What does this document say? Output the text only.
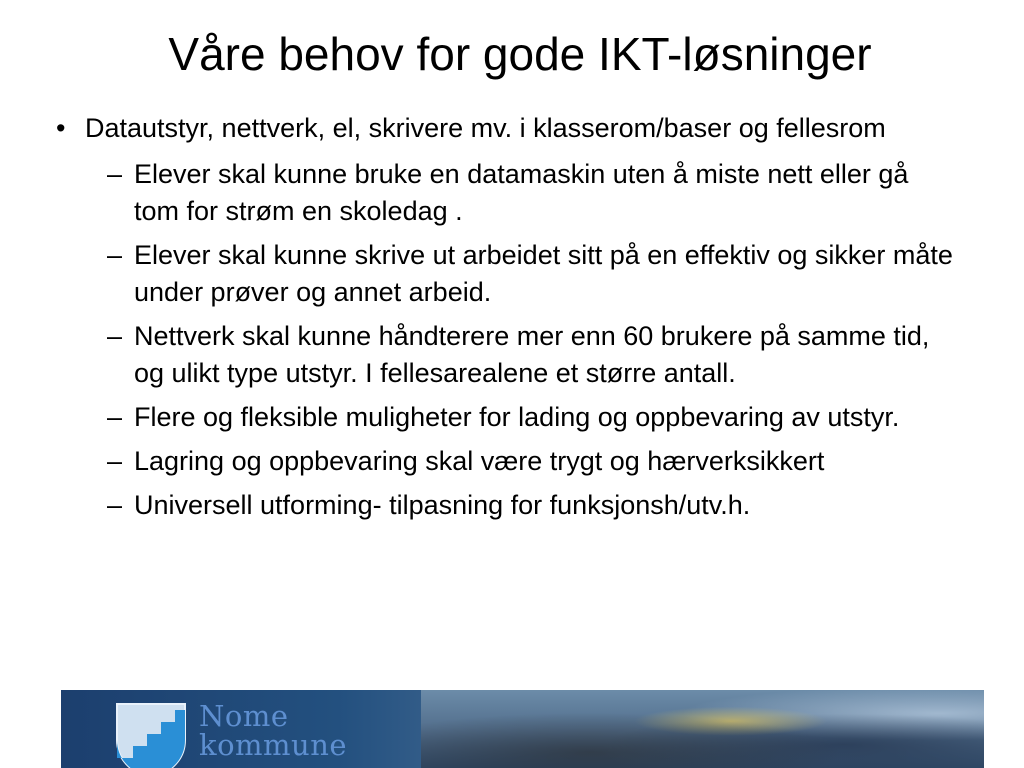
Våre behov for gode IKT-løsninger
• Datautstyr, nettverk, el, skrivere mv. i klasserom/baser og fellesrom
– Elever skal kunne bruke en datamaskin uten å miste nett eller gå tom for strøm en skoledag .
– Elever skal kunne skrive ut arbeidet sitt på en effektiv og sikker måte under prøver og annet arbeid.
– Nettverk skal kunne håndterere mer enn 60 brukere på samme tid, og ulikt type utstyr. I fellesarealene et større antall.
– Flere og fleksible muligheter for lading og oppbevaring av utstyr.
– Lagring og oppbevaring skal være trygt og hærverksikkert
– Universell utforming- tilpasning for funksjonsh/utv.h.
Nome
kommune
